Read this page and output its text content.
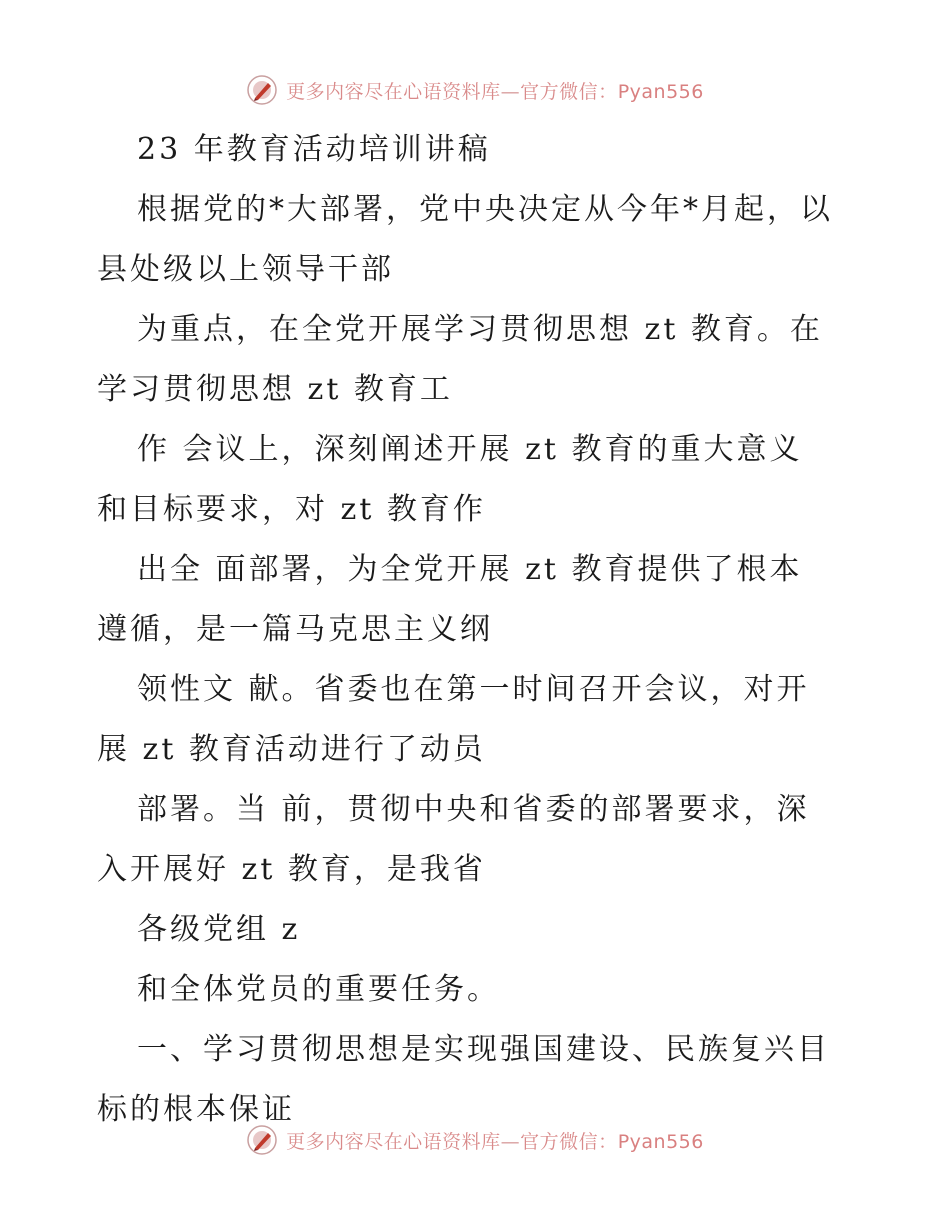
更多内容尽在心语资料库—官方微信：Pyan556
23 年教育活动培训讲稿
根据党的*大部署，党中央决定从今年*月起，以
县处级以上领导干部
为重点，在全党开展学习贯彻思想 zt 教育。在
学习贯彻思想 zt 教育工
作 会议上，深刻阐述开展 zt 教育的重大意义
和目标要求，对 zt 教育作
出全 面部署，为全党开展 zt 教育提供了根本
遵循，是一篇马克思主义纲
领性文 献。省委也在第一时间召开会议，对开
展 zt 教育活动进行了动员
部署。当 前，贯彻中央和省委的部署要求，深
入开展好 zt 教育，是我省
各级党组 z
和全体党员的重要任务。
一、学习贯彻思想是实现强国建设、民族复兴目
标的根本保证
更多内容尽在心语资料库—官方微信：Pyan556
